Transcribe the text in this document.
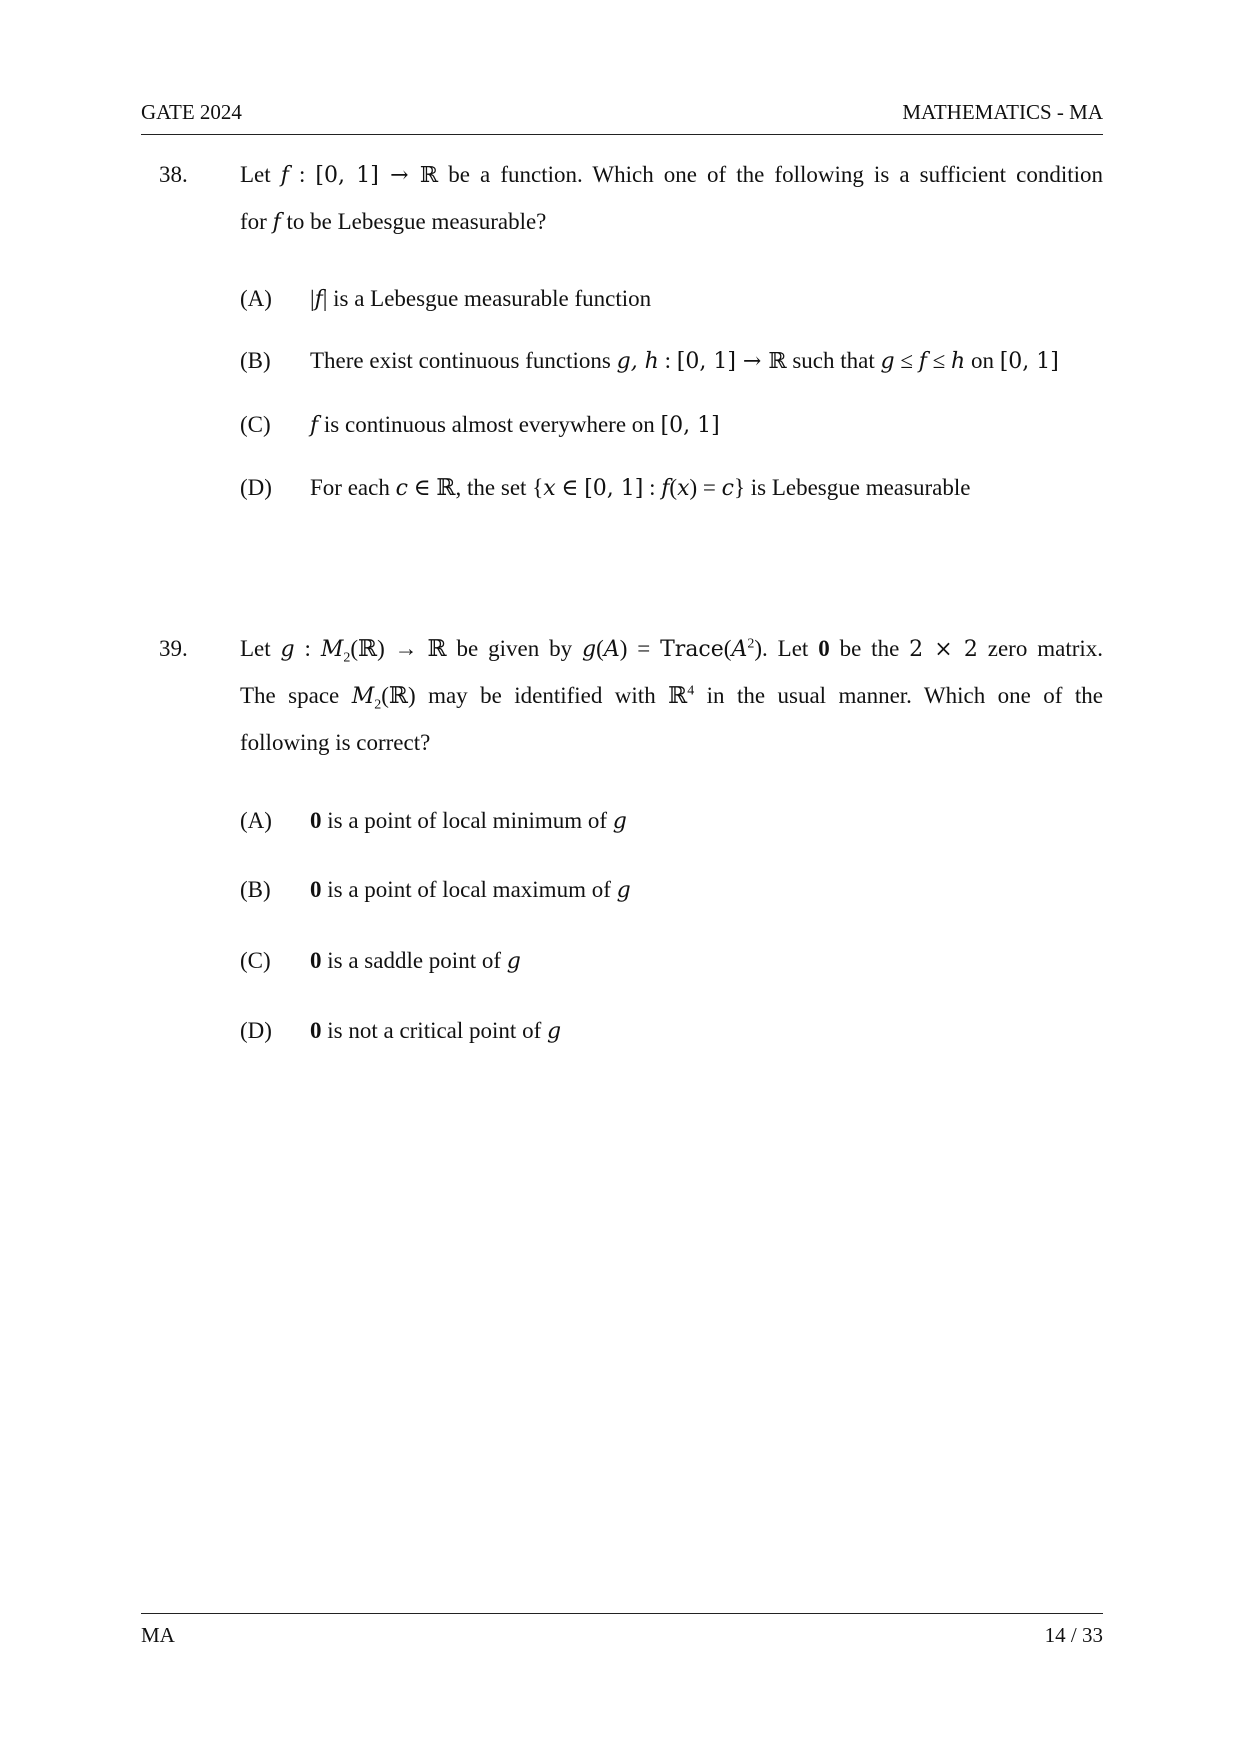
GATE 2024	MATHEMATICS - MA
38. Let f : [0, 1] → ℝ be a function. Which one of the following is a sufficient condition
for f to be Lebesgue measurable?
(A) |f| is a Lebesgue measurable function
(B) There exist continuous functions g, h : [0, 1] → ℝ such that g ≤ f ≤ h on [0, 1]
(C) f is continuous almost everywhere on [0, 1]
(D) For each c ∈ ℝ, the set {x ∈ [0, 1] : f(x) = c} is Lebesgue measurable
39. Let g : $M_2(ℝ)$ → ℝ be given by $g(A) = Trace(A^2)$. Let 0 be the 2 × 2 zero matrix.
The space $M_2(ℝ)$ may be identified with ℝ$^4$ in the usual manner. Which one of the
following is correct?
(A) 0 is a point of local minimum of g
(B) 0 is a point of local maximum of g
(C) 0 is a saddle point of g
(D) 0 is not a critical point of g
MA	14 / 33
